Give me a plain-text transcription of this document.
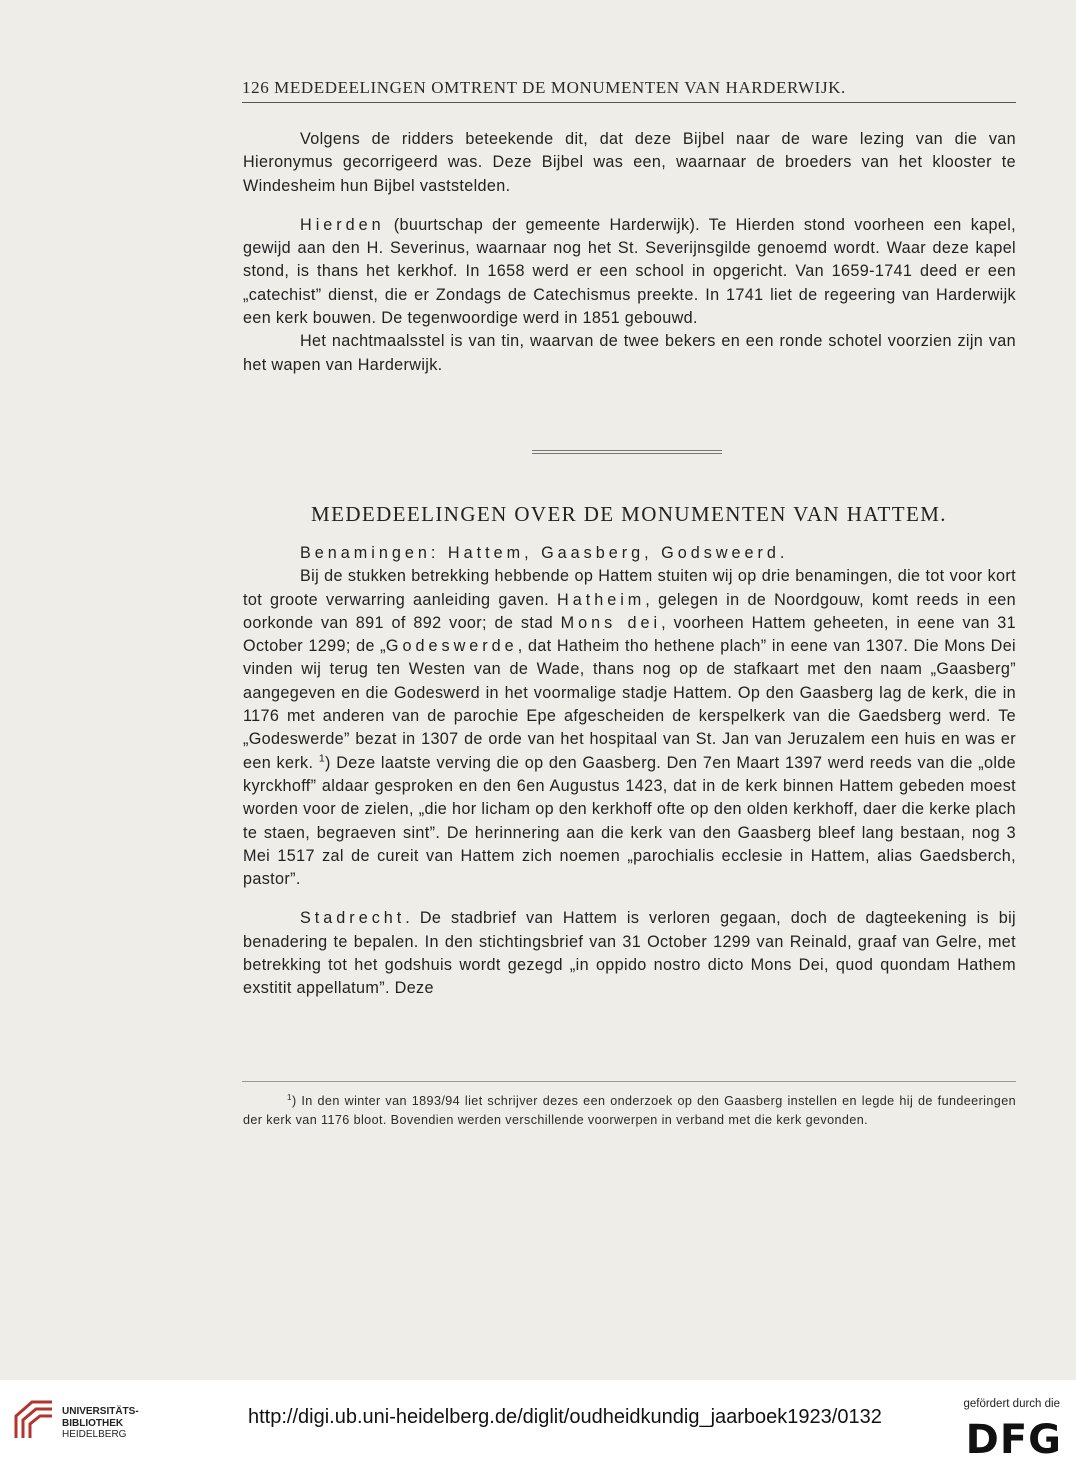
126 MEDEDEELINGEN OMTRENT DE MONUMENTEN VAN HARDERWIJK.

Volgens de ridders beteekende dit, dat deze Bijbel naar de ware lezing van die van Hieronymus gecorrigeerd was. Deze Bijbel was een, waarnaar de broeders van het klooster te Windesheim hun Bijbel vaststelden.

Hierden (buurtschap der gemeente Harderwijk). Te Hierden stond voorheen een kapel, gewijd aan den H. Severinus, waarnaar nog het St. Severijnsgilde genoemd wordt. Waar deze kapel stond, is thans het kerkhof. In 1658 werd er een school in opgericht. Van 1659-1741 deed er een „catechist” dienst, die er Zondags de Catechismus preekte. In 1741 liet de regeering van Harderwijk een kerk bouwen. De tegenwoordige werd in 1851 gebouwd.

Het nachtmaalsstel is van tin, waarvan de twee bekers en een ronde schotel voorzien zijn van het wapen van Harderwijk.

MEDEDEELINGEN OVER DE MONUMENTEN VAN HATTEM.

Benamingen: Hattem, Gaasberg, Godsweerd.

Bij de stukken betrekking hebbende op Hattem stuiten wij op drie benamingen, die tot voor kort tot groote verwarring aanleiding gaven. Hatheim, gelegen in de Noordgouw, komt reeds in een oorkonde van 891 of 892 voor; de stad Mons dei, voorheen Hattem geheeten, in eene van 31 October 1299; de „Godeswerde, dat Hatheim tho hethene plach” in eene van 1307. Die Mons Dei vinden wij terug ten Westen van de Wade, thans nog op de stafkaart met den naam „Gaasberg” aangegeven en die Godeswerd in het voormalige stadje Hattem. Op den Gaasberg lag de kerk, die in 1176 met anderen van de parochie Epe afgescheiden de kerspelkerk van die Gaedsberg werd. Te „Godeswerde” bezat in 1307 de orde van het hospitaal van St. Jan van Jeruzalem een huis en was er een kerk. $^1$) Deze laatste verving die op den Gaasberg. Den 7en Maart 1397 werd reeds van die „olde kyrckhoff” aldaar gesproken en den 6en Augustus 1423, dat in de kerk binnen Hattem gebeden moest worden voor de zielen, „die hor licham op den kerkhoff ofte op den olden kerkhoff, daer die kerke plach te staen, begraeven sint”. De herinnering aan die kerk van den Gaasberg bleef lang bestaan, nog 3 Mei 1517 zal de cureit van Hattem zich noemen „parochialis ecclesie in Hattem, alias Gaedsberch, pastor”.

Stadrecht. De stadbrief van Hattem is verloren gegaan, doch de dagteekening is bij benadering te bepalen. In den stichtingsbrief van 31 October 1299 van Reinald, graaf van Gelre, met betrekking tot het godshuis wordt gezegd „in oppido nostro dicto Mons Dei, quod quondam Hathem exstitit appellatum”. Deze

$^1$) In den winter van 1893/94 liet schrijver dezes een onderzoek op den Gaasberg instellen en legde hij de fundeeringen der kerk van 1176 bloot. Bovendien werden verschillende voorwerpen in verband met die kerk gevonden.

UNIVERSITÄTS-
BIBLIOTHEK
HEIDELBERG
http://digi.ub.uni-heidelberg.de/diglit/oudheidkundig_jaarboek1923/0132
gefördert durch die
DFG
